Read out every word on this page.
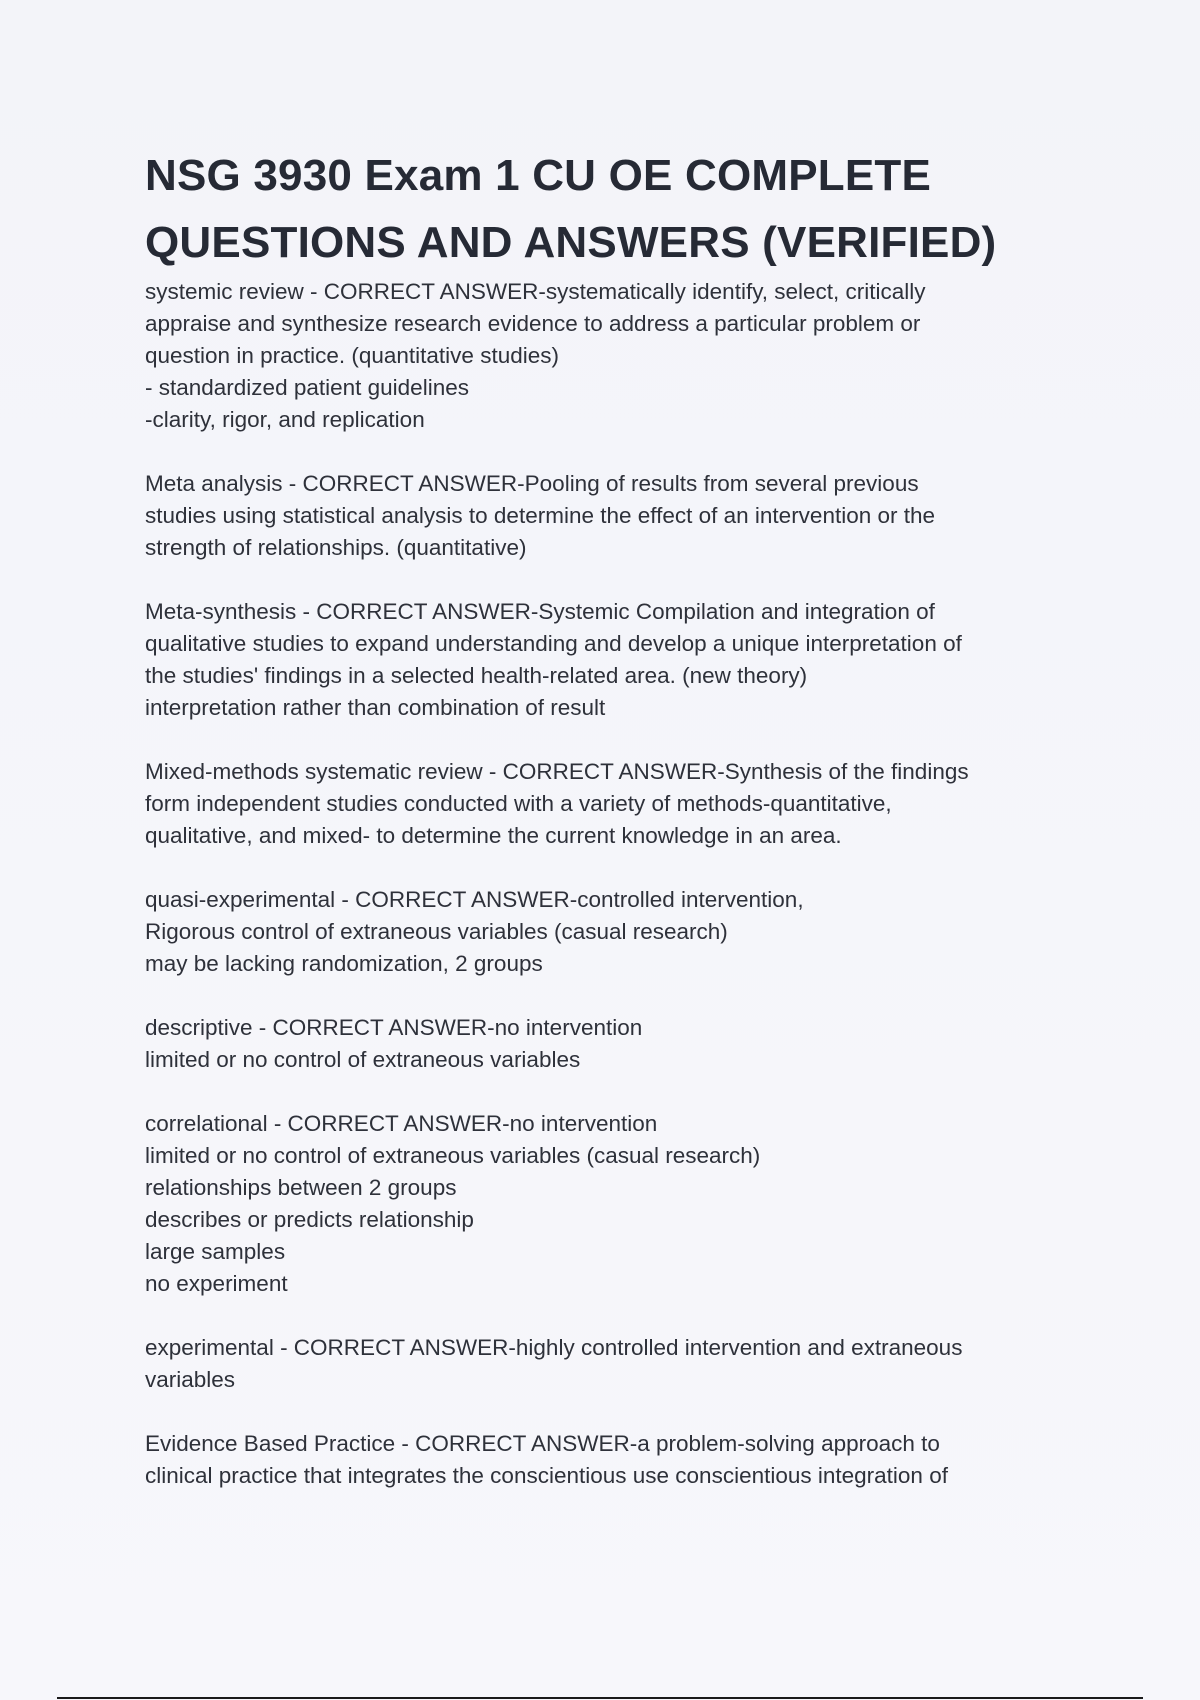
NSG 3930 Exam 1 CU OE COMPLETE
QUESTIONS AND ANSWERS (VERIFIED)
systemic review - CORRECT ANSWER-systematically identify, select, critically
appraise and synthesize research evidence to address a particular problem or
question in practice. (quantitative studies)
- standardized patient guidelines
-clarity, rigor, and replication
Meta analysis - CORRECT ANSWER-Pooling of results from several previous
studies using statistical analysis to determine the effect of an intervention or the
strength of relationships. (quantitative)
Meta-synthesis - CORRECT ANSWER-Systemic Compilation and integration of
qualitative studies to expand understanding and develop a unique interpretation of
the studies' findings in a selected health-related area. (new theory)
interpretation rather than combination of result
Mixed-methods systematic review - CORRECT ANSWER-Synthesis of the findings
form independent studies conducted with a variety of methods-quantitative,
qualitative, and mixed- to determine the current knowledge in an area.
quasi-experimental - CORRECT ANSWER-controlled intervention,
Rigorous control of extraneous variables (casual research)
may be lacking randomization, 2 groups
descriptive - CORRECT ANSWER-no intervention
limited or no control of extraneous variables
correlational - CORRECT ANSWER-no intervention
limited or no control of extraneous variables (casual research)
relationships between 2 groups
describes or predicts relationship
large samples
no experiment
experimental - CORRECT ANSWER-highly controlled intervention and extraneous
variables
Evidence Based Practice - CORRECT ANSWER-a problem-solving approach to
clinical practice that integrates the conscientious use conscientious integration of
